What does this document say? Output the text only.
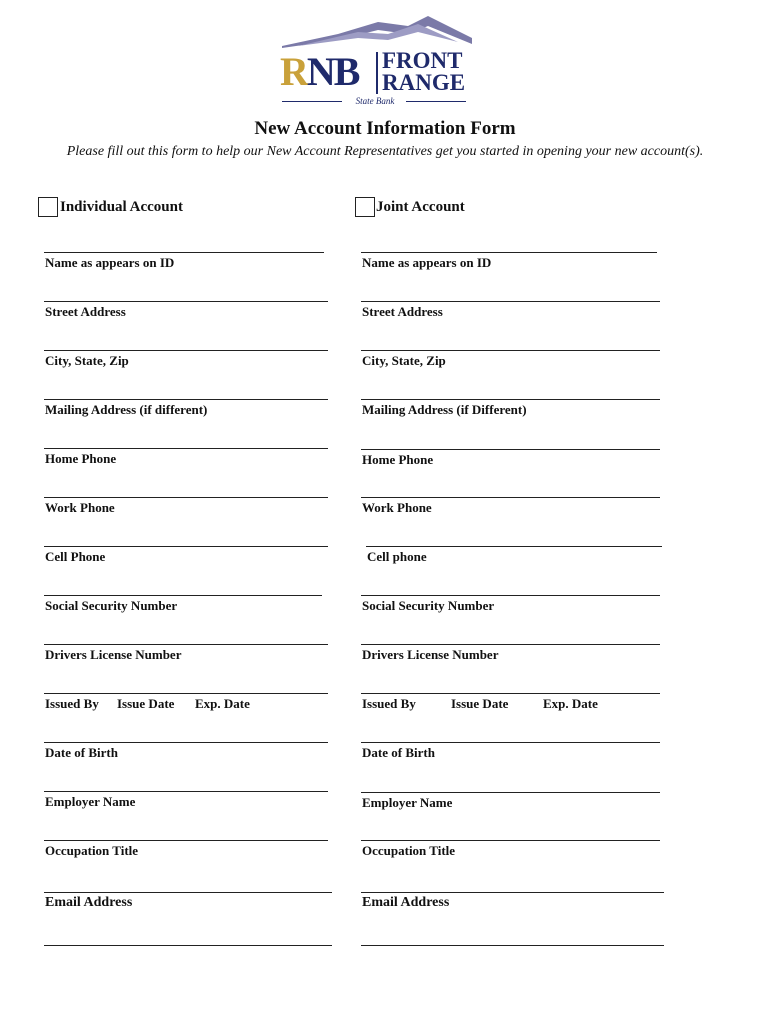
RNB FRONT
RANGE
State Bank
New Account Information Form
Please fill out this form to help our New Account Representatives get you started in opening your new account(s).
Individual Account	Joint Account
Name as appears on ID
Street Address
City, State, Zip
Mailing Address (if different)
Home Phone
Work Phone
Cell Phone
Social Security Number
Drivers License Number
Issued By Issue Date Exp. Date
Date of Birth
Employer Name
Occupation Title
Email Address
Name as appears on ID
Street Address
City, State, Zip
Mailing Address (if Different)
Home Phone
Work Phone
Cell phone
Social Security Number
Drivers License Number
Issued By	Issue Date	Exp. Date
Date of Birth
Employer Name
Occupation Title
Email Address
